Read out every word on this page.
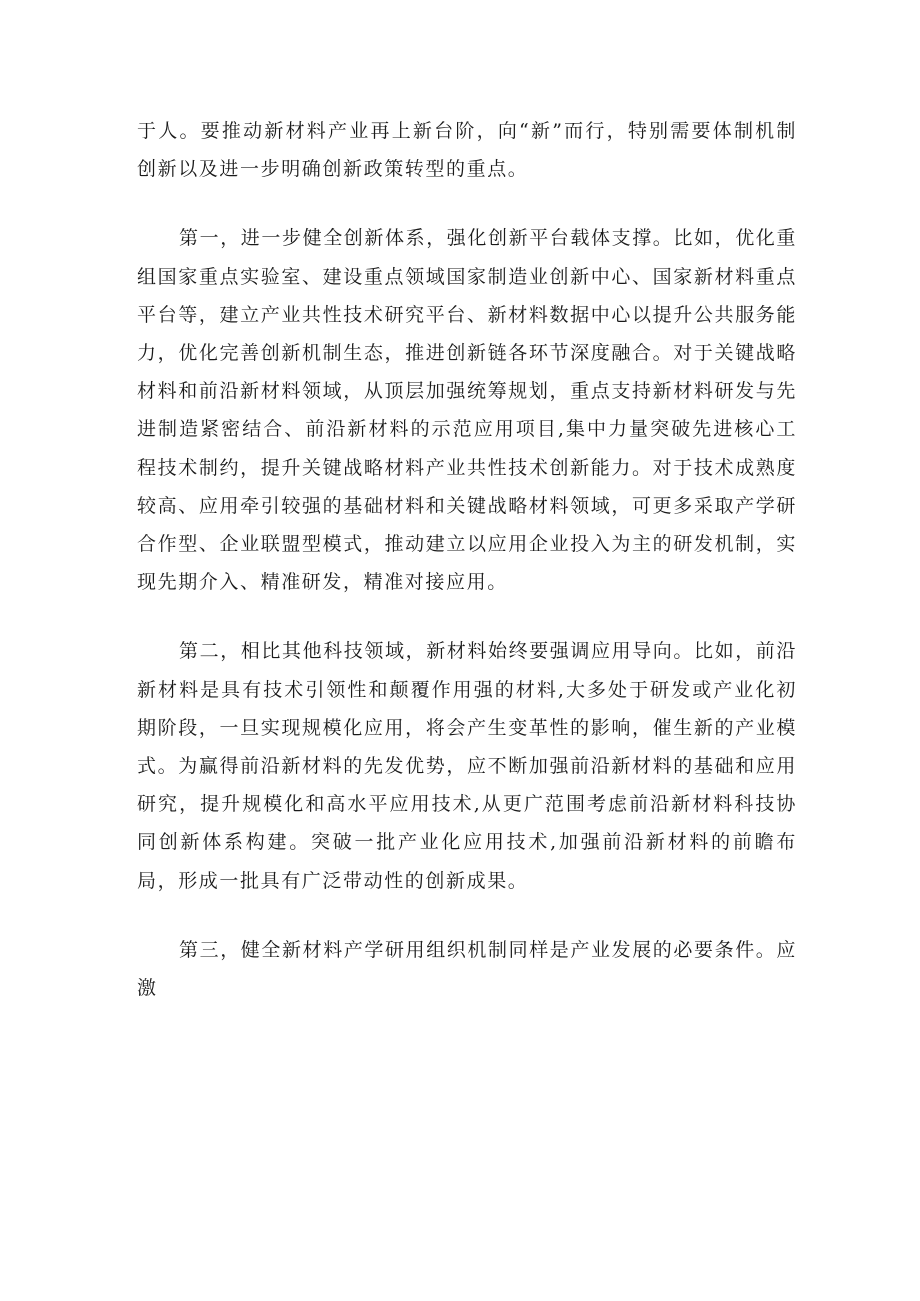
于人。要推动新材料产业再上新台阶，向“新”而行，特别需要体制机制创新以及进一步明确创新政策转型的重点。

第一，进一步健全创新体系，强化创新平台载体支撑。比如，优化重组国家重点实验室、建设重点领域国家制造业创新中心、国家新材料重点平台等，建立产业共性技术研究平台、新材料数据中心以提升公共服务能力，优化完善创新机制生态，推进创新链各环节深度融合。对于关键战略材料和前沿新材料领域，从顶层加强统筹规划，重点支持新材料研发与先进制造紧密结合、前沿新材料的示范应用项目,集中力量突破先进核心工程技术制约，提升关键战略材料产业共性技术创新能力。对于技术成熟度较高、应用牵引较强的基础材料和关键战略材料领域，可更多采取产学研合作型、企业联盟型模式，推动建立以应用企业投入为主的研发机制，实现先期介入、精准研发，精准对接应用。

第二，相比其他科技领域，新材料始终要强调应用导向。比如，前沿新材料是具有技术引领性和颠覆作用强的材料,大多处于研发或产业化初期阶段，一旦实现规模化应用，将会产生变革性的影响，催生新的产业模式。为赢得前沿新材料的先发优势，应不断加强前沿新材料的基础和应用研究，提升规模化和高水平应用技术,从更广范围考虑前沿新材料科技协同创新体系构建。突破一批产业化应用技术,加强前沿新材料的前瞻布局，形成一批具有广泛带动性的创新成果。

第三，健全新材料产学研用组织机制同样是产业发展的必要条件。应激
